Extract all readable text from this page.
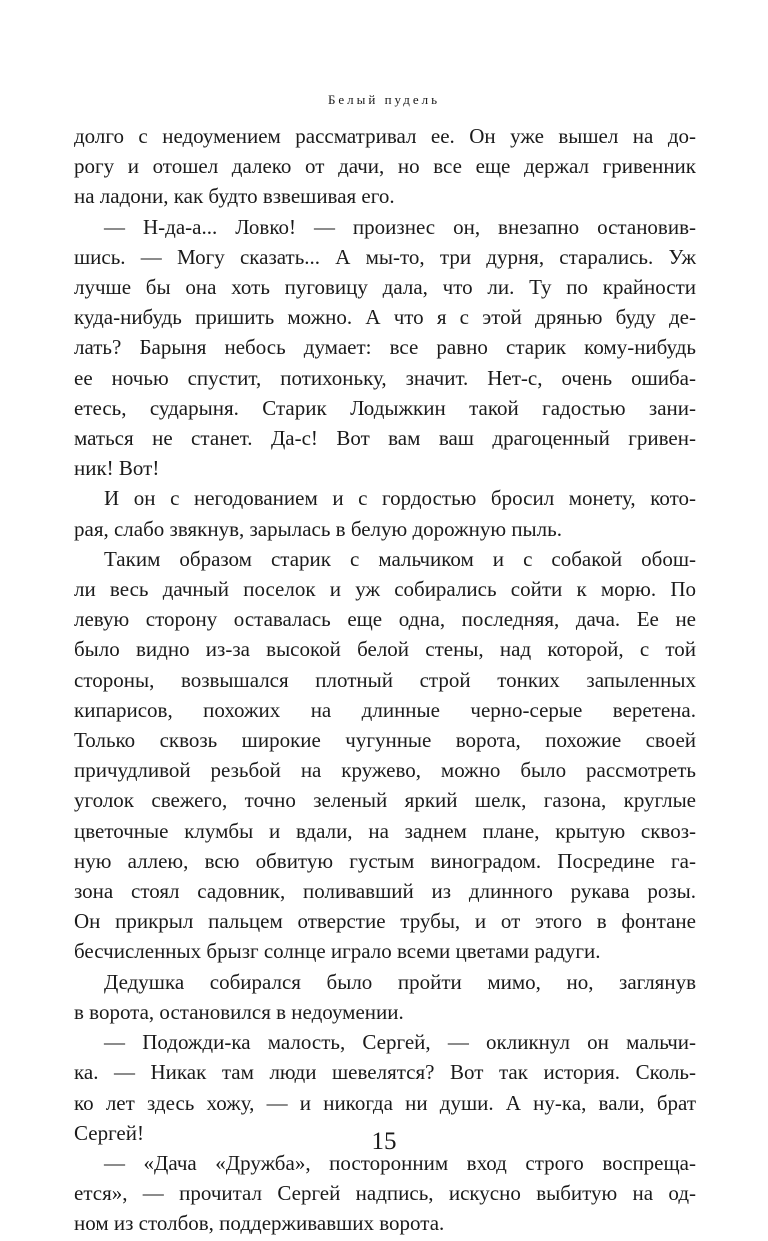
Белый пудель
долго с недоумением рассматривал ее. Он уже вышел на до-
рогу и отошел далеко от дачи, но все еще держал гривенник
на ладони, как будто взвешивая его.
— Н-да-а... Ловко! — произнес он, внезапно остановив-
шись. — Могу сказать... А мы-то, три дурня, старались. Уж
лучше бы она хоть пуговицу дала, что ли. Ту по крайности
куда-нибудь пришить можно. А что я с этой дрянью буду де-
лать? Барыня небось думает: все равно старик кому-нибудь
ее ночью спустит, потихоньку, значит. Нет-с, очень ошиба-
етесь, сударыня. Старик Лодыжкин такой гадостью зани-
маться не станет. Да-с! Вот вам ваш драгоценный гривен-
ник! Вот!
И он с негодованием и с гордостью бросил монету, кото-
рая, слабо звякнув, зарылась в белую дорожную пыль.
Таким образом старик с мальчиком и с собакой обош-
ли весь дачный поселок и уж собирались сойти к морю. По
левую сторону оставалась еще одна, последняя, дача. Ее не
было видно из-за высокой белой стены, над которой, с той
стороны, возвышался плотный строй тонких запыленных
кипарисов, похожих на длинные черно-серые веретена.
Только сквозь широкие чугунные ворота, похожие своей
причудливой резьбой на кружево, можно было рассмотреть
уголок свежего, точно зеленый яркий шелк, газона, круглые
цветочные клумбы и вдали, на заднем плане, крытую сквоз-
ную аллею, всю обвитую густым виноградом. Посредине га-
зона стоял садовник, поливавший из длинного рукава розы.
Он прикрыл пальцем отверстие трубы, и от этого в фонтане
бесчисленных брызг солнце играло всеми цветами радуги.
Дедушка собирался было пройти мимо, но, заглянув
в ворота, остановился в недоумении.
— Подожди-ка малость, Сергей, — окликнул он мальчи-
ка. — Никак там люди шевелятся? Вот так история. Сколь-
ко лет здесь хожу, — и никогда ни души. А ну-ка, вали, брат
Сергей!
— «Дача «Дружба», посторонним вход строго воспреща-
ется», — прочитал Сергей надпись, искусно выбитую на од-
ном из столбов, поддерживавших ворота.
15
